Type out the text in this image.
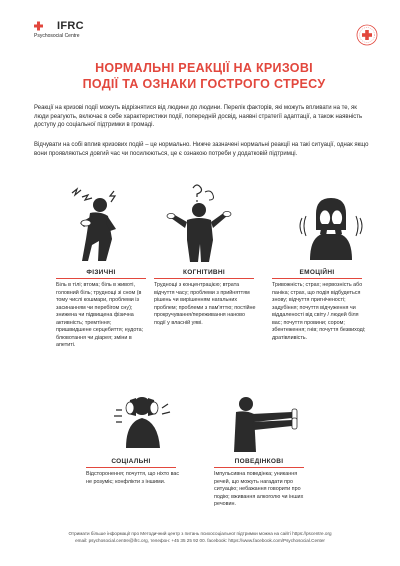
IFRC
Psychosocial Centre
НОРМАЛЬНІ РЕАКЦІЇ НА КРИЗОВІ
ПОДІЇ ТА ОЗНАКИ ГОСТРОГО СТРЕСУ
Реакції на кризові події можуть відрізнятися від людини до людини. Перелік факторів, які можуть впливати на те, як люди реагують, включає в себе характеристики події, попередній досвід, наявні стратегії адаптації, а також наявність доступу до соціальної підтримки в громаді.
Відчувати на собі вплив кризових подій – це нормально. Нижче зазначені нормальні реакції на такі ситуації, однак якщо вони проявляються довгий час чи посилюються, це є ознакою потреби у додатковій підтримці.
ФІЗИЧНІ	КОГНІТИВНІ	ЕМОЦІЙНІ
Біль в тілі; втома; біль в животі, головний біль; труднощі зі сном (в тому числі кошмари, проблеми із засинанням чи перебігом сну); знижена чи підвищена фізична активність; тремтіння; пришвидшене серцебиття; нудота; блювотання чи діарея; зміни в апетиті.
Труднощі з концентрацією; втрата відчуття часу; проблеми з прийняттям рішень чи вирішенням нагальних проблем; проблеми з пам'яттю; постійне прокручування/переживання наново події у власній уяві.
Тривожність; страх; нервозність або паніка; страх, що подія відбудеться знову; відчуття пригніченості; задубіння; почуття відчуження чи віддаленості від світу / людей біля вас; почуття провини; сором; збентеження; гнів; почуття безвиході; дратівливість.
СОЦІАЛЬНІ	ПОВЕДІНКОВІ
Відсторонення; почуття, що ніхто вас не розуміє; конфлікти з іншими.
Імпульсивна поведінка; уникання речей, що можуть нагадати про ситуацію; небажання говорити про подію; вживання алкоголю чи інших речовин.
Отримати більше інформації про Методичний центр з питань психосоціальної підтримки можна на сайті https://pscentre.org
email: psychosocial.centre@ifrc.org, телефон: +45 35 25 92 00. facebook: https://www.facebook.com/Psychosocial.Center
